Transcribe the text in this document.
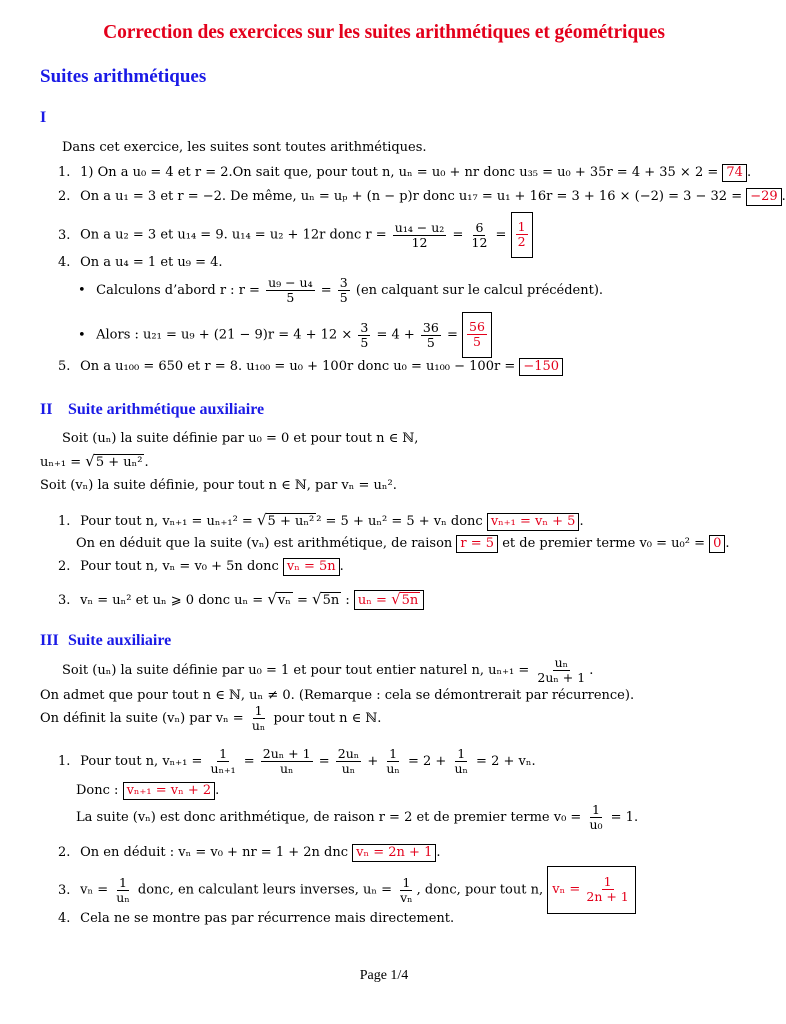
Correction des exercices sur les suites arithmétiques et géométriques
Suites arithmétiques
I
Dans cet exercice, les suites sont toutes arithmétiques.
1. 1) On a u₀ = 4 et r = 2.On sait que, pour tout n, uₙ = u₀ + nr donc u₃₅ = u₀ + 35r = 4 + 35 × 2 = 74 .
2. On a u₁ = 3 et r = −2. De même, uₙ = uₚ + (n − p)r donc u₁₇ = u₁ + 16r = 3 + 16 × (−2) = 3 − 32 = −29 .
3. On a u₂ = 3 et u₁₄ = 9. u₁₄ = u₂ + 12r donc $r = \frac{\text{u₁₄ − u₂}}{12} = \frac{6}{12} = \frac{1}{2}$
4. On a u₄ = 1 et u₉ = 4.
• Calculons d’abord r : $r = \frac{\text{u₉ − u₄}}{5} = \frac{3}{5} (en$ calquant sur le calcul précédent).
• Alors : $u_{21} = u_9 + (21 - 9)r = 4 + 12 \times \frac{3}{5} = 4 + \frac{36}{5} = \frac{56}{5}$
5. On a u₁₀₀ = 650 et r = 8. u₁₀₀ = u₀ + 100r donc u₀ = u₁₀₀ − 100r = −150
II Suite arithmétique auxiliaire
Soit (uₙ) la suite définie par u₀ = 0 et pour tout n ∈ ℕ,
uₙ₊₁ = √5 + uₙ² .
Soit (vₙ) la suite définie, pour tout n ∈ ℕ, par vₙ = uₙ².
1. Pour tout n, vₙ₊₁ = uₙ₊₁² = √5 + uₙ² ² = 5 + uₙ² = 5 + vₙ donc vₙ₊₁ = vₙ + 5 .
On en déduit que la suite (vₙ) est arithmétique, de raison r = 5 et de premier terme v₀ = u₀² = 0 .
2. Pour tout n, vₙ = v₀ + 5n donc vₙ = 5n .
3. vₙ = uₙ² et uₙ ⩾ 0 donc uₙ = √vₙ = √5n : uₙ = √5n
III Suite auxiliaire
Soit (uₙ) la suite définie par u₀ = 1 et pour tout entier naturel n, $u_{n+1} = \frac{\text{uₙ}}{\text{2uₙ + 1}}$ .
On admet que pour tout n ∈ ℕ, uₙ ≠ 0. (Remarque : cela se démontrerait par récurrence).
On définit la suite (vₙ) par $v_n = \frac{1}{\text{uₙ}}$ pour tout n ∈ ℕ.
1. Pour tout n, $v_{n+1} = \frac{1}{\text{uₙ₊₁}} = \frac{\text{2uₙ + 1}}{\text{uₙ}} = \frac{\text{2uₙ}}{\text{uₙ}} + \frac{1}{\text{uₙ}} = 2 + \frac{1}{\text{uₙ}} = 2 + v_n$.
Donc : vₙ₊₁ = vₙ + 2 .
La suite (vₙ) est donc arithmétique, de raison r = 2 et de premier terme $v_0 = \frac{1}{\text{u₀}} = 1$.
2. On en déduit : vₙ = v₀ + nr = 1 + 2n dnc vₙ = 2n + 1 .
3. $v_n = \frac{1}{\text{uₙ}}$ donc, en calculant leurs inverses, $u_n = \frac{1}{\text{vₙ}}$ , donc, pour tout n, $v_n = \frac{1}{2n + 1}$
4. Cela ne se montre pas par récurrence mais directement.
Page 1/4
